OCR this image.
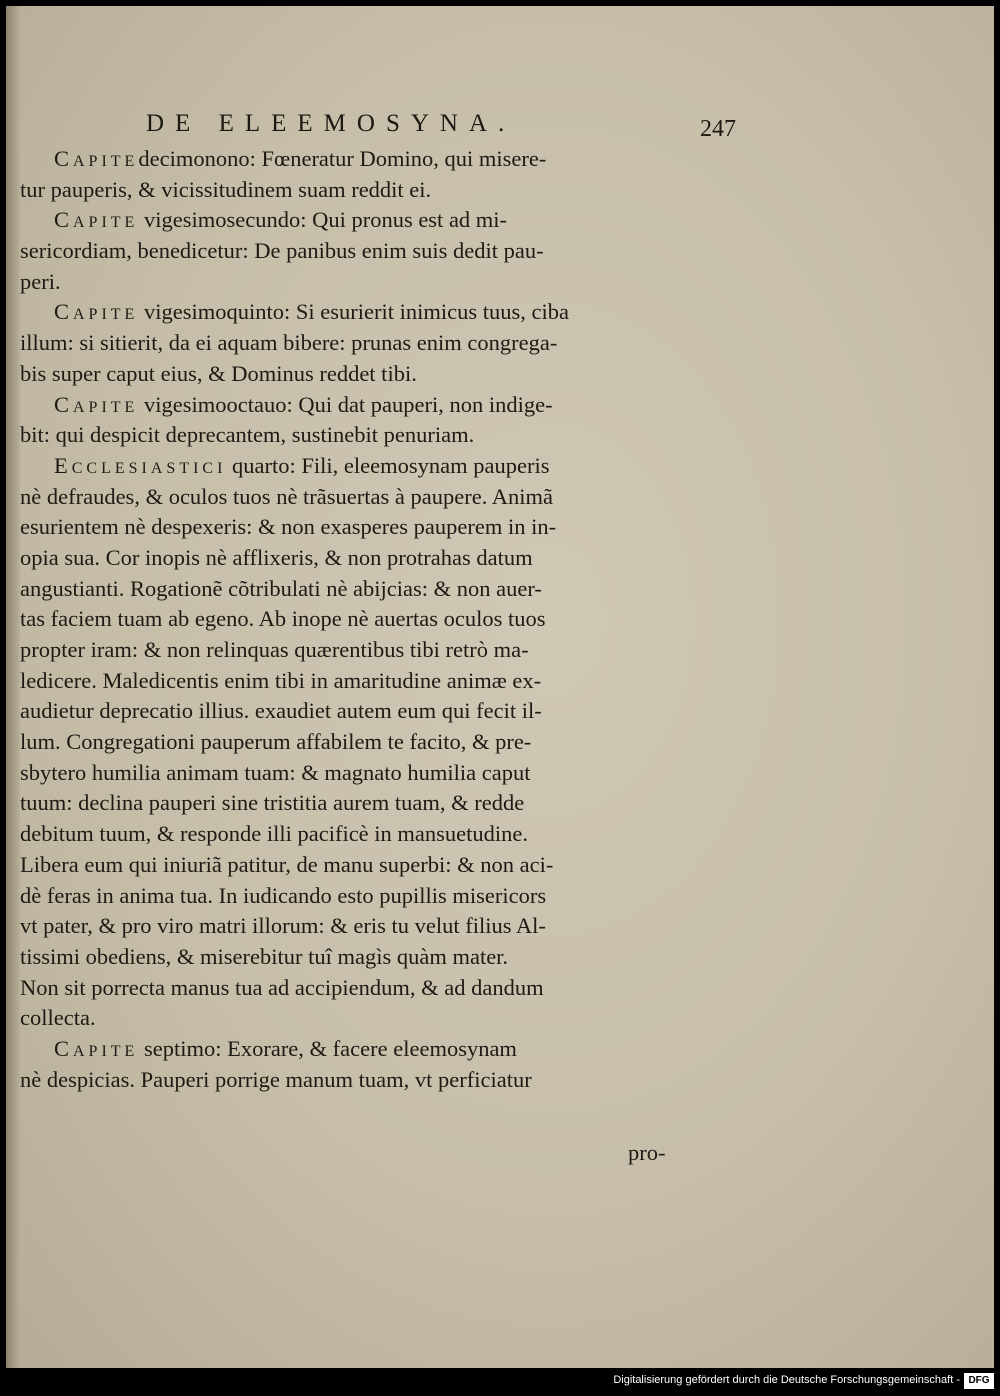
DE ELEEMOSYNA.	247
Capitedecimonono: Fœneratur Domino, qui misere-
tur pauperis, & vicissitudinem suam reddit ei.
Capite vigesimosecundo: Qui pronus est ad mi-
sericordiam, benedicetur: De panibus enim suis dedit pau-
peri.
Capite vigesimoquinto: Si esurierit inimicus tuus, ciba
illum: si sitierit, da ei aquam bibere: prunas enim congrega-
bis super caput eius, & Dominus reddet tibi.
Capite vigesimooctauo: Qui dat pauperi, non indige-
bit: qui despicit deprecantem, sustinebit penuriam.
Ecclesiastici quarto: Fili, eleemosynam pauperis
nè defraudes, & oculos tuos nè trãsuertas à paupere. Animã
esurientem nè despexeris: & non exasperes pauperem in in-
opia sua. Cor inopis nè afflixeris, & non protrahas datum
angustianti. Rogationẽ cõtribulati nè abijcias: & non auer-
tas faciem tuam ab egeno. Ab inope nè auertas oculos tuos
propter iram: & non relinquas quærentibus tibi retrò ma-
ledicere. Maledicentis enim tibi in amaritudine animæ ex-
audietur deprecatio illius. exaudiet autem eum qui fecit il-
lum. Congregationi pauperum affabilem te facito, & pre-
sbytero humilia animam tuam: & magnato humilia caput
tuum: declina pauperi sine tristitia aurem tuam, & redde
debitum tuum, & responde illi pacificè in mansuetudine.
Libera eum qui iniuriã patitur, de manu superbi: & non aci-
dè feras in anima tua. In iudicando esto pupillis misericors
vt pater, & pro viro matri illorum: & eris tu velut filius Al-
tissimi obediens, & miserebitur tuî magìs quàm mater.
Non sit porrecta manus tua ad accipiendum, & ad dandum
collecta.
Capite septimo: Exorare, & facere eleemosynam
nè despicias. Pauperi porrige manum tuam, vt perficiatur
pro-
Digitalisierung gefördert durch die Deutsche Forschungsgemeinschaft - DFG
